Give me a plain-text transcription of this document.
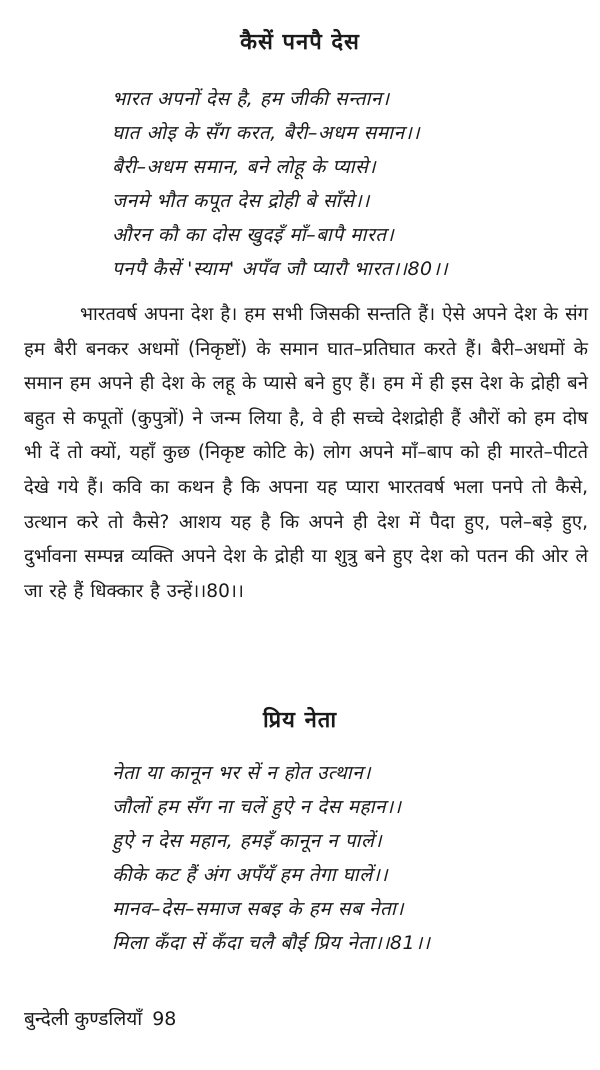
कैसें पनपै देस
भारत अपनों देस है, हम जीकी सन्तान।
घात ओइ के सँग करत, बैरी–अधम समान।।
बैरी–अधम समान, बने लोहू के प्यासे।
जनमे भौत कपूत देस द्रोही बे साँसे।।
औरन कौ का दोस खुदइँ माँ–बापै मारत।
पनपै कैसें 'स्याम' अपँव जौ प्यारौ भारत।।80।।

भारतवर्ष अपना देश है। हम सभी जिसकी सन्तति हैं। ऐसे अपने देश के संग हम बैरी बनकर अधमों (निकृष्टों) के समान घात–प्रतिघात करते हैं। बैरी–अधमों के समान हम अपने ही देश के लहू के प्यासे बने हुए हैं। हम में ही इस देश के द्रोही बने बहुत से कपूतों (कुपुत्रों) ने जन्म लिया है, वे ही सच्चे देशद्रोही हैं औरों को हम दोष भी दें तो क्यों, यहाँ कुछ (निकृष्ट कोटि के) लोग अपने माँ–बाप को ही मारते–पीटते देखे गये हैं। कवि का कथन है कि अपना यह प्यारा भारतवर्ष भला पनपे तो कैसे, उत्थान करे तो कैसे? आशय यह है कि अपने ही देश में पैदा हुए, पले–बड़े हुए, दुर्भावना सम्पन्न व्यक्ति अपने देश के द्रोही या शुत्रु बने हुए देश को पतन की ओर ले जा रहे हैं धिक्कार है उन्हें।।80।।

प्रिय नेता
नेता या कानून भर सें न होत उत्थान।
जौलों हम सँग ना चलें हुऐ न देस महान।।
हुऐ न देस महान, हमइँ कानून न पालें।
कीके कट हैं अंग अपँयँ हम तेगा घालें।।
मानव–देस–समाज सबइ के हम सब नेता।
मिला कँदा सें कँदा चलै बौई प्रिय नेता।।81।।
बुन्देली कुण्डलियाँ 98
